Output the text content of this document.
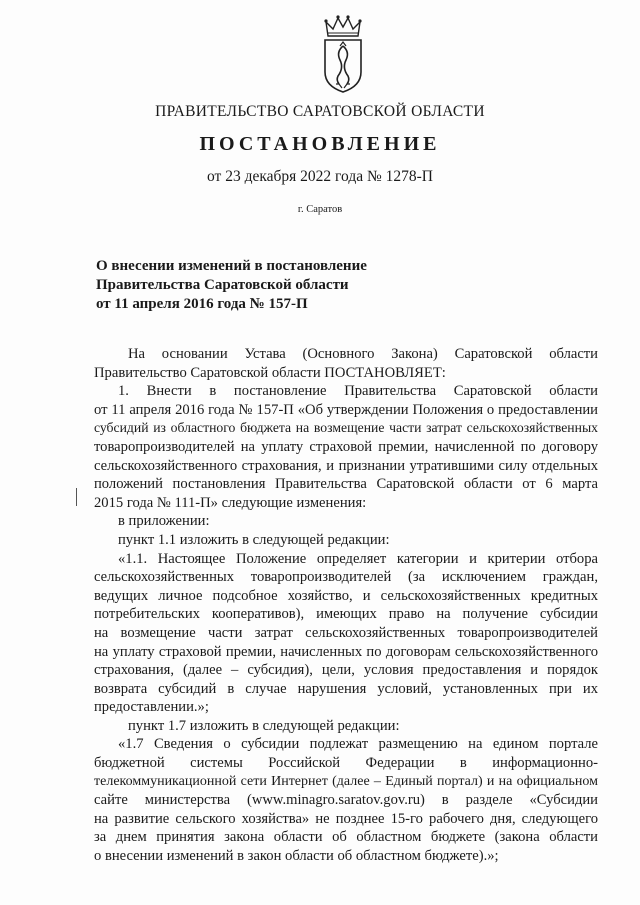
ПРАВИТЕЛЬСТВО САРАТОВСКОЙ ОБЛАСТИ
ПОСТАНОВЛЕНИЕ
от 23 декабря 2022 года № 1278-П
г. Саратов
О внесении изменений в постановление
Правительства Саратовской области
от 11 апреля 2016 года № 157-П
На основании Устава (Основного Закона) Саратовской области
Правительство Саратовской области ПОСТАНОВЛЯЕТ:
1. Внести в постановление Правительства Саратовской области
от 11 апреля 2016 года № 157-П «Об утверждении Положения о предоставлении
субсидий из областного бюджета на возмещение части затрат сельскохозяйственных
товаропроизводителей на уплату страховой премии, начисленной по договору
сельскохозяйственного страхования, и признании утратившими силу отдельных
положений постановления Правительства Саратовской области от 6 марта
2015 года № 111-П» следующие изменения:
в приложении:
пункт 1.1 изложить в следующей редакции:
«1.1. Настоящее Положение определяет категории и критерии отбора
сельскохозяйственных товаропроизводителей (за исключением граждан,
ведущих личное подсобное хозяйство, и сельскохозяйственных кредитных
потребительских кооперативов), имеющих право на получение субсидии
на возмещение части затрат сельскохозяйственных товаропроизводителей
на уплату страховой премии, начисленных по договорам сельскохозяйственного
страхования, (далее – субсидия), цели, условия предоставления и порядок
возврата субсидий в случае нарушения условий, установленных при их
предоставлении.»;
пункт 1.7 изложить в следующей редакции:
«1.7 Сведения о субсидии подлежат размещению на едином портале
бюджетной системы Российской Федерации в информационно-
телекоммуникационной сети Интернет (далее – Единый портал) и на официальном
сайте министерства (www.minagro.saratov.gov.ru) в разделе «Субсидии
на развитие сельского хозяйства» не позднее 15-го рабочего дня, следующего
за днем принятия закона области об областном бюджете (закона области
о внесении изменений в закон области об областном бюджете).»;
